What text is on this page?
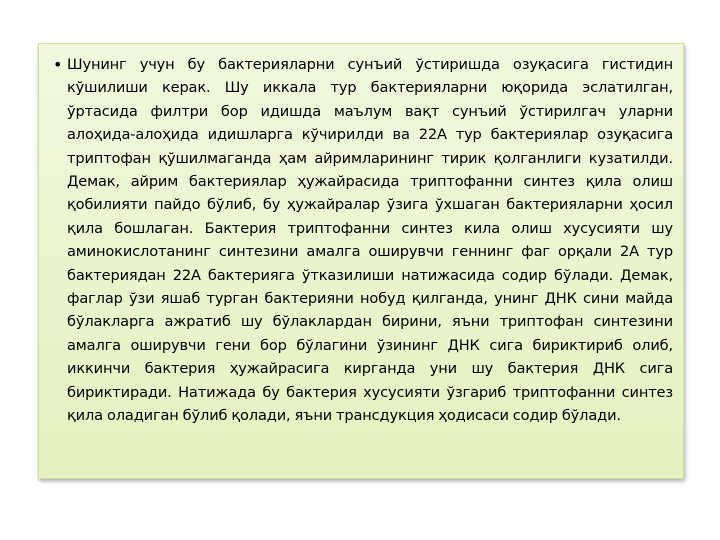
• Шунинг учун бу бактерияларни сунъий ўстиришда озуқасига гистидин кўшилиши керак. Шу иккала тур бактерияларни юқорида эслатилган, ўртасида филтри бор идишда маълум вақт сунъий ўстирилгач уларни алоҳида-алоҳида идишларга кўчирилди ва 22А тур бактериялар озуқасига триптофан қўшилмаганда ҳам айримларининг тирик қолганлиги кузатилди. Демак, айрим бактериялар ҳужайрасида триптофанни синтез қила олиш қобилияти пайдо бўлиб, бу ҳужайралар ўзига ўхшаган бактерияларни ҳосил қила бошлаган. Бактерия триптофанни синтез кила олиш хусусияти шу аминокислотанинг синтезини амалга оширувчи геннинг фаг орқали 2А тур бактериядан 22А бактерияга ўтказилиши натижасида содир бўлади. Демак, фаглар ўзи яшаб турган бактерияни нобуд қилганда, унинг ДНК сини майда бўлакларга ажратиб шу бўлаклардан бирини, яъни триптофан синтезини амалга оширувчи гени бор бўлагини ўзининг ДНК сига бириктириб олиб, иккинчи бактерия ҳужайрасига кирганда уни шу бактерия ДНК сига бириктиради. Натижада бу бактерия хусусияти ўзгариб триптофанни синтез қила оладиган бўлиб қолади, яъни трансдукция ҳодисаси содир бўлади.
